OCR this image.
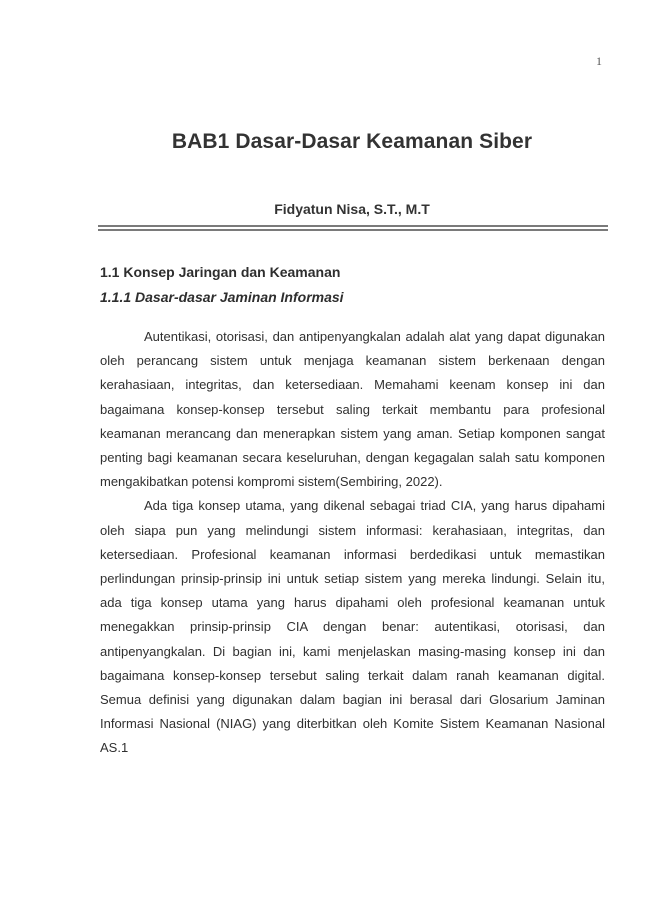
1
BAB1 Dasar-Dasar Keamanan Siber
Fidyatun Nisa, S.T., M.T
1.1 Konsep Jaringan dan Keamanan
1.1.1 Dasar-dasar Jaminan Informasi

Autentikasi, otorisasi, dan antipenyangkalan adalah alat yang dapat digunakan oleh perancang sistem untuk menjaga keamanan sistem berkenaan dengan kerahasiaan, integritas, dan ketersediaan. Memahami keenam konsep ini dan bagaimana konsep-konsep tersebut saling terkait membantu para profesional keamanan merancang dan menerapkan sistem yang aman. Setiap komponen sangat penting bagi keamanan secara keseluruhan, dengan kegagalan salah satu komponen mengakibatkan potensi kompromi sistem(Sembiring, 2022).

Ada tiga konsep utama, yang dikenal sebagai triad CIA, yang harus dipahami oleh siapa pun yang melindungi sistem informasi: kerahasiaan, integritas, dan ketersediaan. Profesional keamanan informasi berdedikasi untuk memastikan perlindungan prinsip-prinsip ini untuk setiap sistem yang mereka lindungi. Selain itu, ada tiga konsep utama yang harus dipahami oleh profesional keamanan untuk menegakkan prinsip-prinsip CIA dengan benar: autentikasi, otorisasi, dan antipenyangkalan. Di bagian ini, kami menjelaskan masing-masing konsep ini dan bagaimana konsep-konsep tersebut saling terkait dalam ranah keamanan digital. Semua definisi yang digunakan dalam bagian ini berasal dari Glosarium Jaminan Informasi Nasional (NIAG) yang diterbitkan oleh Komite Sistem Keamanan Nasional AS.1
